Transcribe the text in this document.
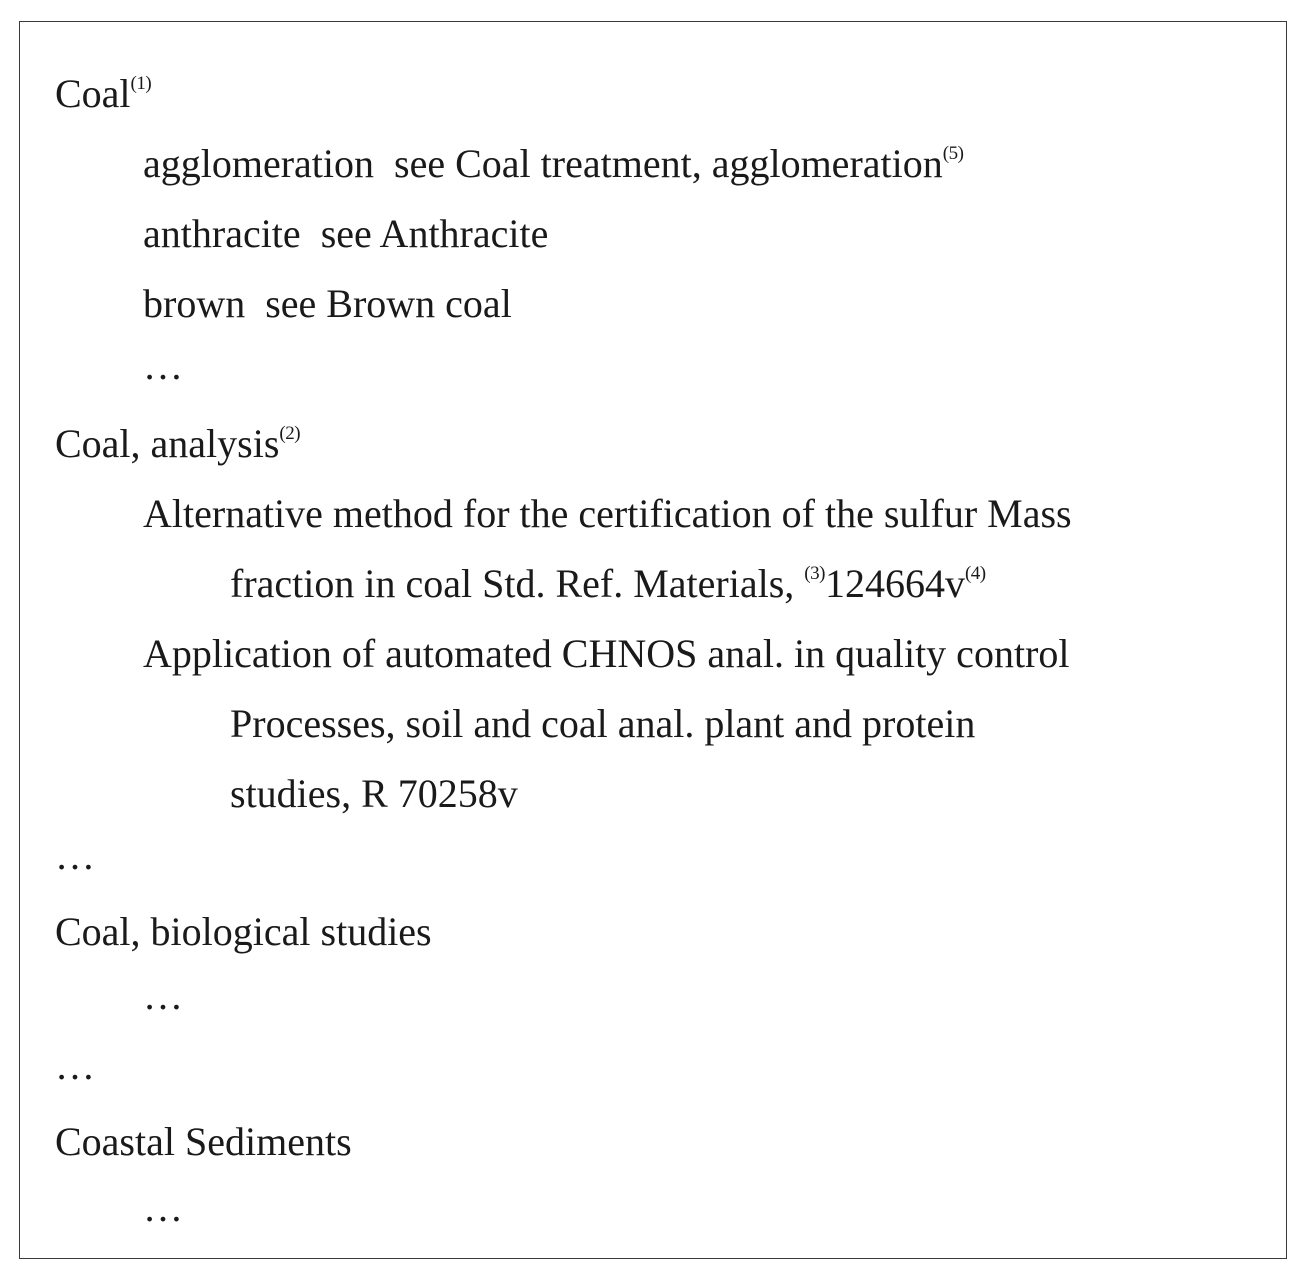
Coal$^{(1)}$
agglomeration see Coal treatment, agglomeration$^{(5)}$
anthracite see Anthracite
brown see Brown coal
…
Coal, analysis$^{(2)}$
Alternative method for the certification of the sulfur Mass
fraction in coal Std. Ref. Materials, $^{(3)}124664v^{(4)}$
Application of automated CHNOS anal. in quality control
Processes, soil and coal anal. plant and protein
studies, R 70258v
…
Coal, biological studies
…
…
Coastal Sediments
…
